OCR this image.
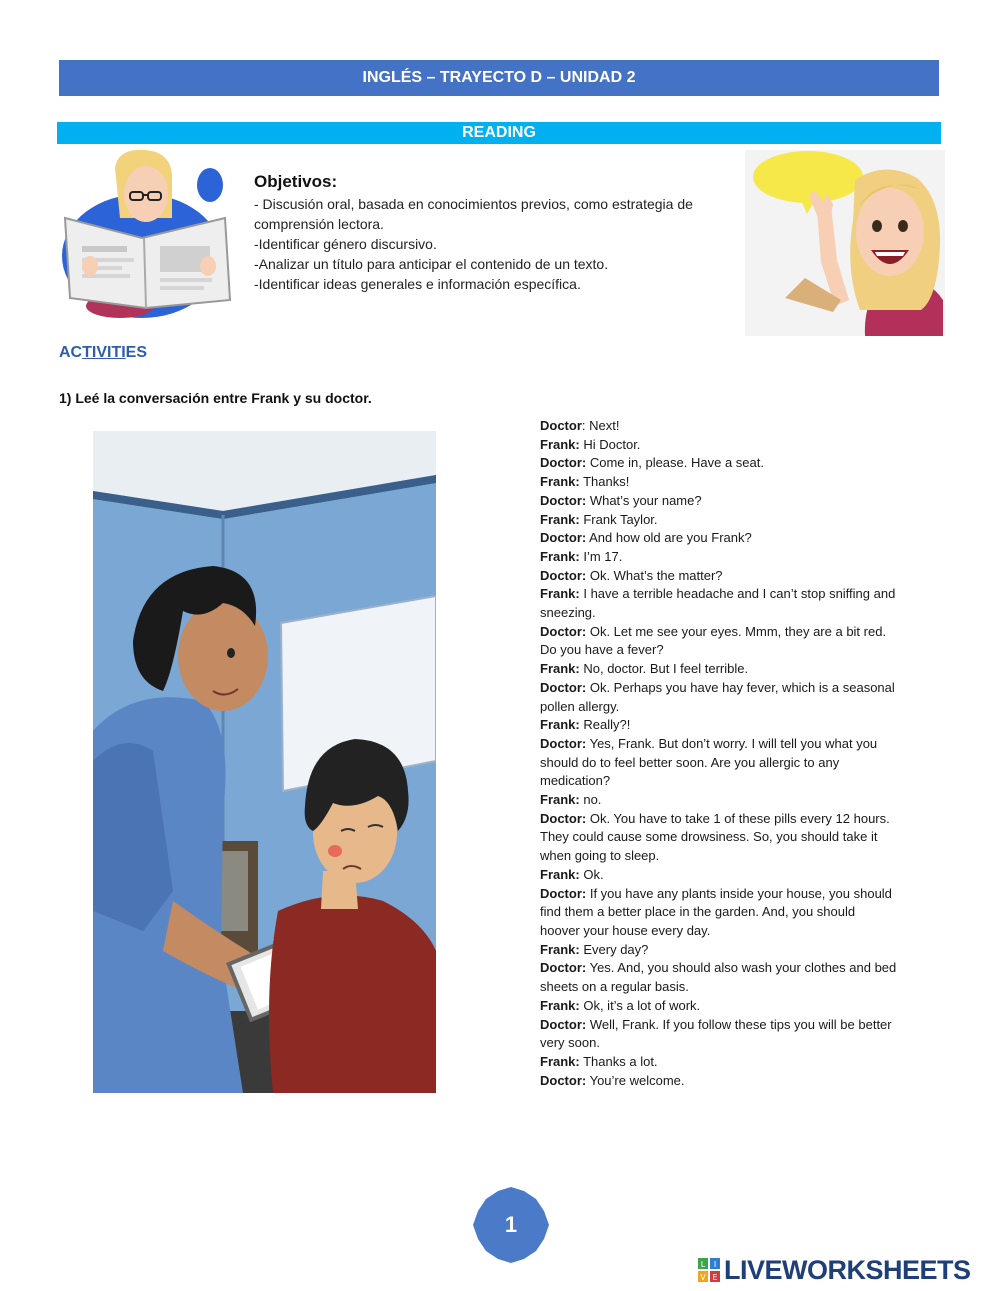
INGLÉS – TRAYECTO D – UNIDAD 2
READING
Objetivos:
- Discusión oral, basada en conocimientos previos, como estrategia de
comprensión lectora.
-Identificar género discursivo.
-Analizar un título para anticipar el contenido de un texto.
-Identificar ideas generales e información específica.
ACTIVITIES
1) Leé la conversación entre Frank y su doctor.
Doctor: Next!
Frank: Hi Doctor.
Doctor: Come in, please. Have a seat.
Frank: Thanks!
Doctor: What’s your name?
Frank: Frank Taylor.
Doctor: And how old are you Frank?
Frank: I’m 17.
Doctor: Ok. What’s the matter?
Frank: I have a terrible headache and I can’t stop sniffing and
sneezing.
Doctor: Ok. Let me see your eyes. Mmm, they are a bit red.
Do you have a fever?
Frank: No, doctor. But I feel terrible.
Doctor: Ok. Perhaps you have hay fever, which is a seasonal
pollen allergy.
Frank: Really?!
Doctor: Yes, Frank. But don’t worry. I will tell you what you
should do to feel better soon. Are you allergic to any
medication?
Frank: no.
Doctor: Ok. You have to take 1 of these pills every 12 hours.
They could cause some drowsiness. So, you should take it
when going to sleep.
Frank: Ok.
Doctor: If you have any plants inside your house, you should
find them a better place in the garden. And, you should
hoover your house every day.
Frank: Every day?
Doctor: Yes. And, you should also wash your clothes and bed
sheets on a regular basis.
Frank: Ok, it’s a lot of work.
Doctor: Well, Frank. If you follow these tips you will be better
very soon.
Frank: Thanks a lot.
Doctor: You’re welcome.
1
L I
V E LIVEWORKSHEETS
